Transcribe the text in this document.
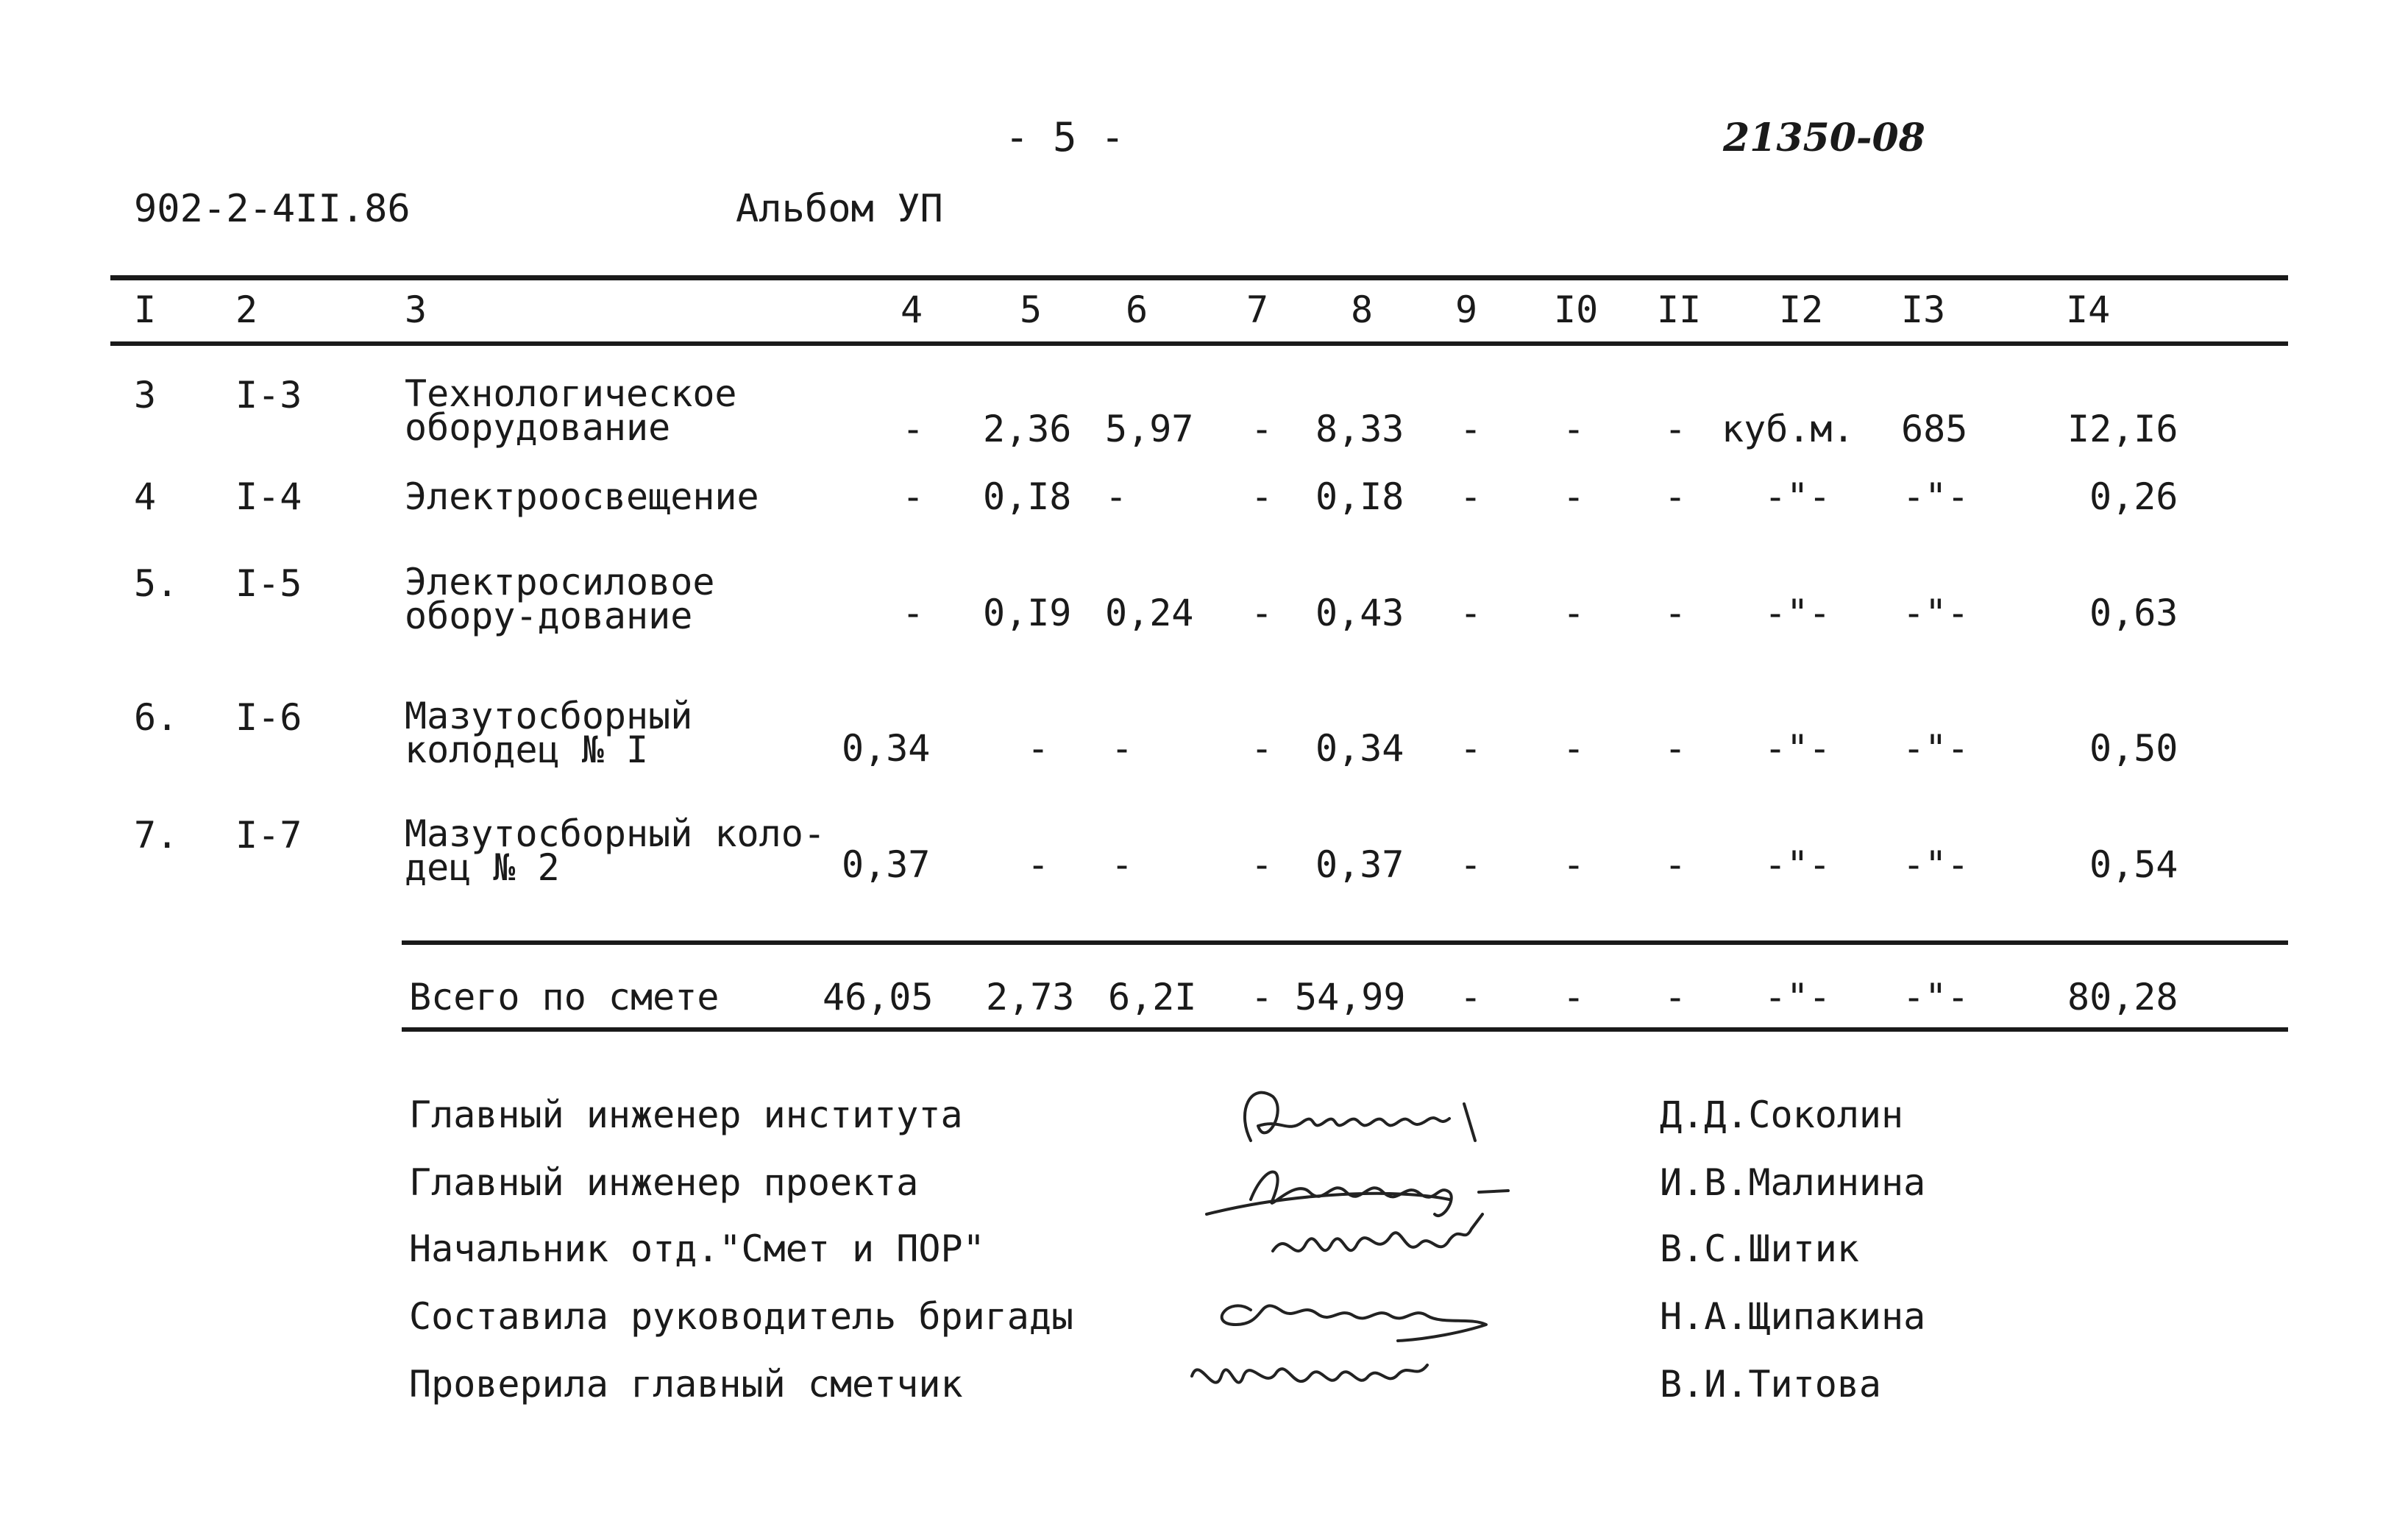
- 5 -	21350-08
902-2-4II.86	Альбом УП
I 2	3	4	5 6	7 8 9 I0 II I2 I3	I4
3 I-3	Технологическое оборудование	- 2,36 5,97 - 8,33 - - - куб.м. 685	I2,I6
4 I-4	Электроосвещение	- 0,I8 -	- 0,I8 - - - -"- -"-	0,26
5. I-5	Электросиловое обору-дование	- 0,I9 0,24 - 0,43 - - - -"- -"-	0,63
6. I-6	Мазутосборный колодец № I	0,34	- -	- 0,34 - - - -"- -"-	0,50
7. I-7	Мазутосборный коло-дец № 2	0,37	- -	- 0,37 - - - -"- -"-	0,54
Всего по смете	46,05 2,73 6,2I - 54,99 - - - -"- -"-	80,28
Главный инженер института	Д.Д.Соколин
Главный инженер проекта	И.В.Малинина
Начальник отд."Смет и ПОР"	В.С.Шитик
Составила руководитель бригады	Н.А.Щипакина
Проверила главный сметчик	В.И.Титова
